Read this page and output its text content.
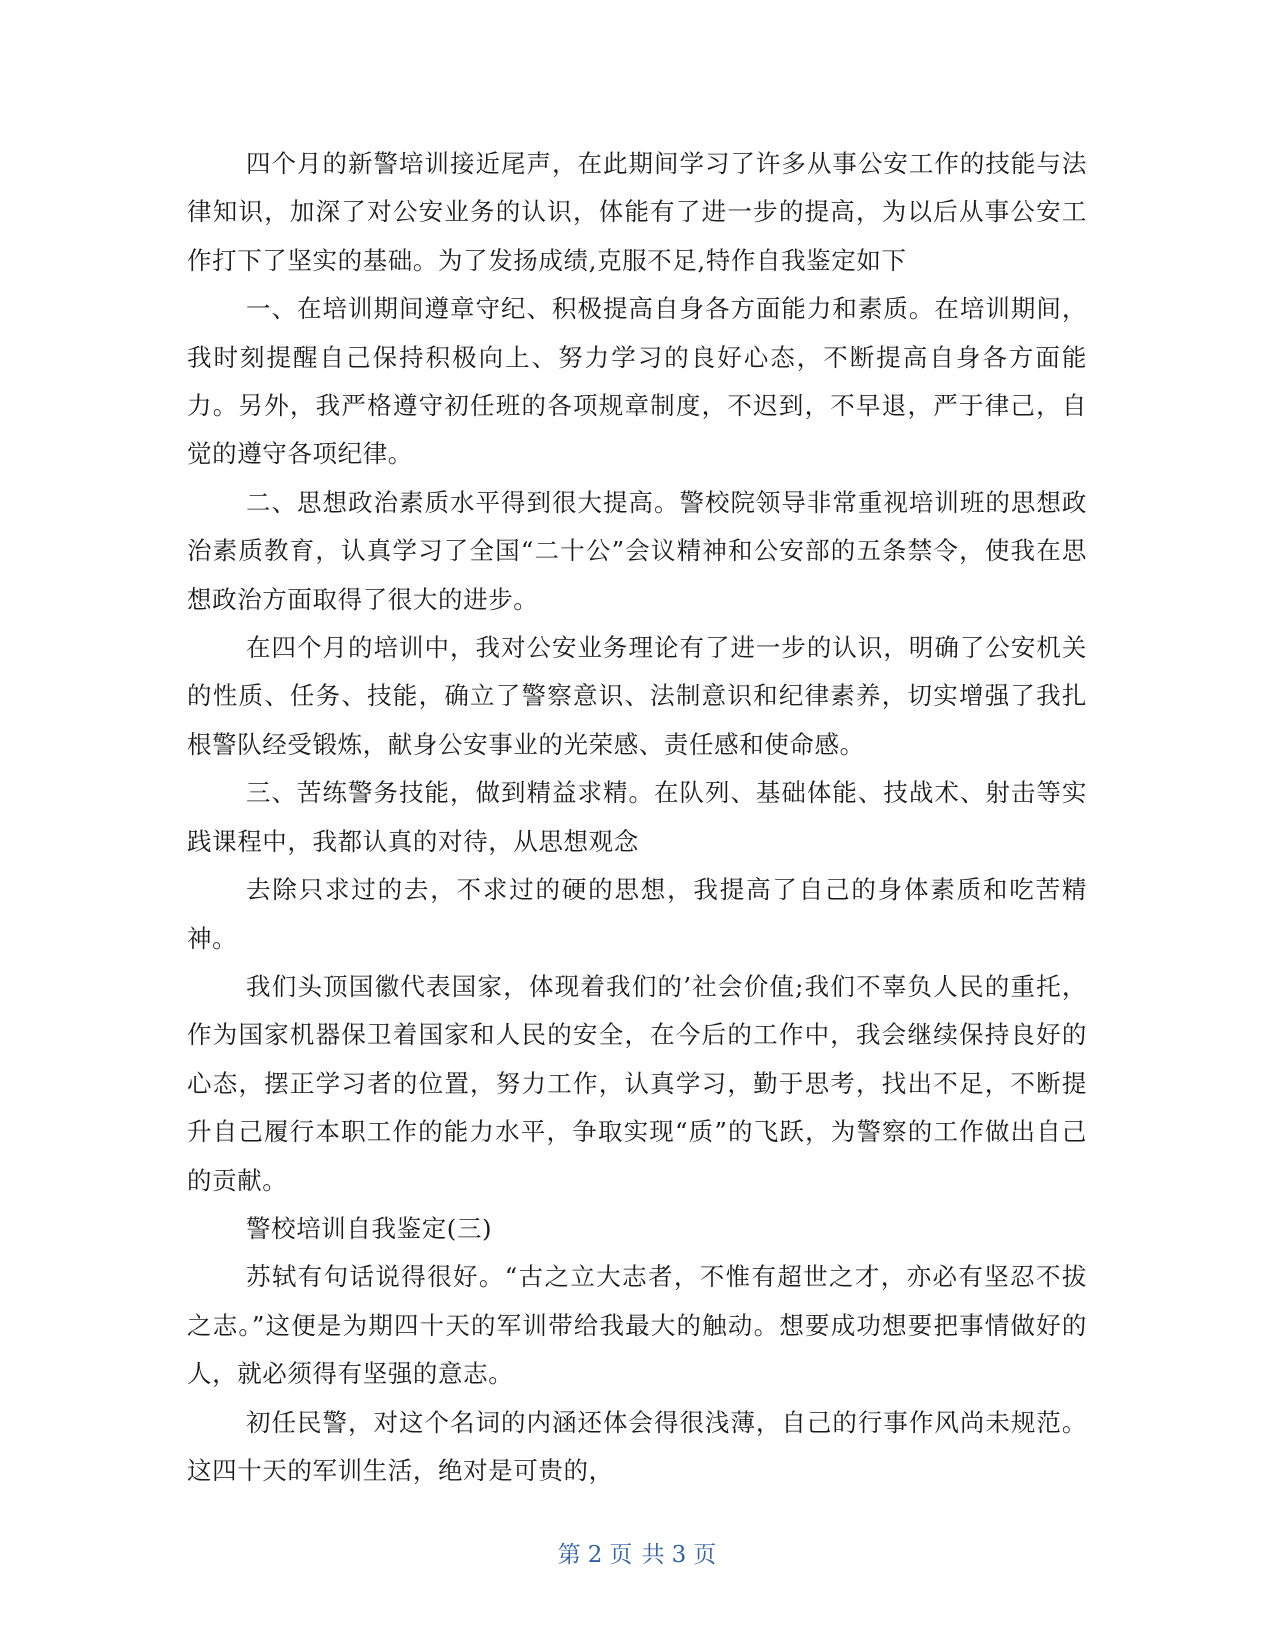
四个月的新警培训接近尾声，在此期间学习了许多从事公安工作的技能与法律知识，加深了对公安业务的认识，体能有了进一步的提高，为以后从事公安工作打下了坚实的基础。为了发扬成绩,克服不足,特作自我鉴定如下

一、在培训期间遵章守纪、积极提高自身各方面能力和素质。在培训期间，我时刻提醒自己保持积极向上、努力学习的良好心态，不断提高自身各方面能力。另外，我严格遵守初任班的各项规章制度，不迟到，不早退，严于律己，自觉的遵守各项纪律。

二、思想政治素质水平得到很大提高。警校院领导非常重视培训班的思想政治素质教育，认真学习了全国“二十公”会议精神和公安部的五条禁令，使我在思想政治方面取得了很大的进步。

在四个月的培训中，我对公安业务理论有了进一步的认识，明确了公安机关的性质、任务、技能，确立了警察意识、法制意识和纪律素养，切实增强了我扎根警队经受锻炼，献身公安事业的光荣感、责任感和使命感。

三、苦练警务技能，做到精益求精。在队列、基础体能、技战术、射击等实践课程中，我都认真的对待，从思想观念

去除只求过的去，不求过的硬的思想，我提高了自己的身体素质和吃苦精神。

我们头顶国徽代表国家，体现着我们的’社会价值;我们不辜负人民的重托，作为国家机器保卫着国家和人民的安全，在今后的工作中，我会继续保持良好的心态，摆正学习者的位置，努力工作，认真学习，勤于思考，找出不足，不断提升自己履行本职工作的能力水平，争取实现“质”的飞跃，为警察的工作做出自己的贡献。

警校培训自我鉴定(三)

苏轼有句话说得很好。“古之立大志者，不惟有超世之才，亦必有坚忍不拔之志。”这便是为期四十天的军训带给我最大的触动。想要成功想要把事情做好的人，就必须得有坚强的意志。

初任民警，对这个名词的内涵还体会得很浅薄，自己的行事作风尚未规范。这四十天的军训生活，绝对是可贵的，

第 2 页 共 3 页
